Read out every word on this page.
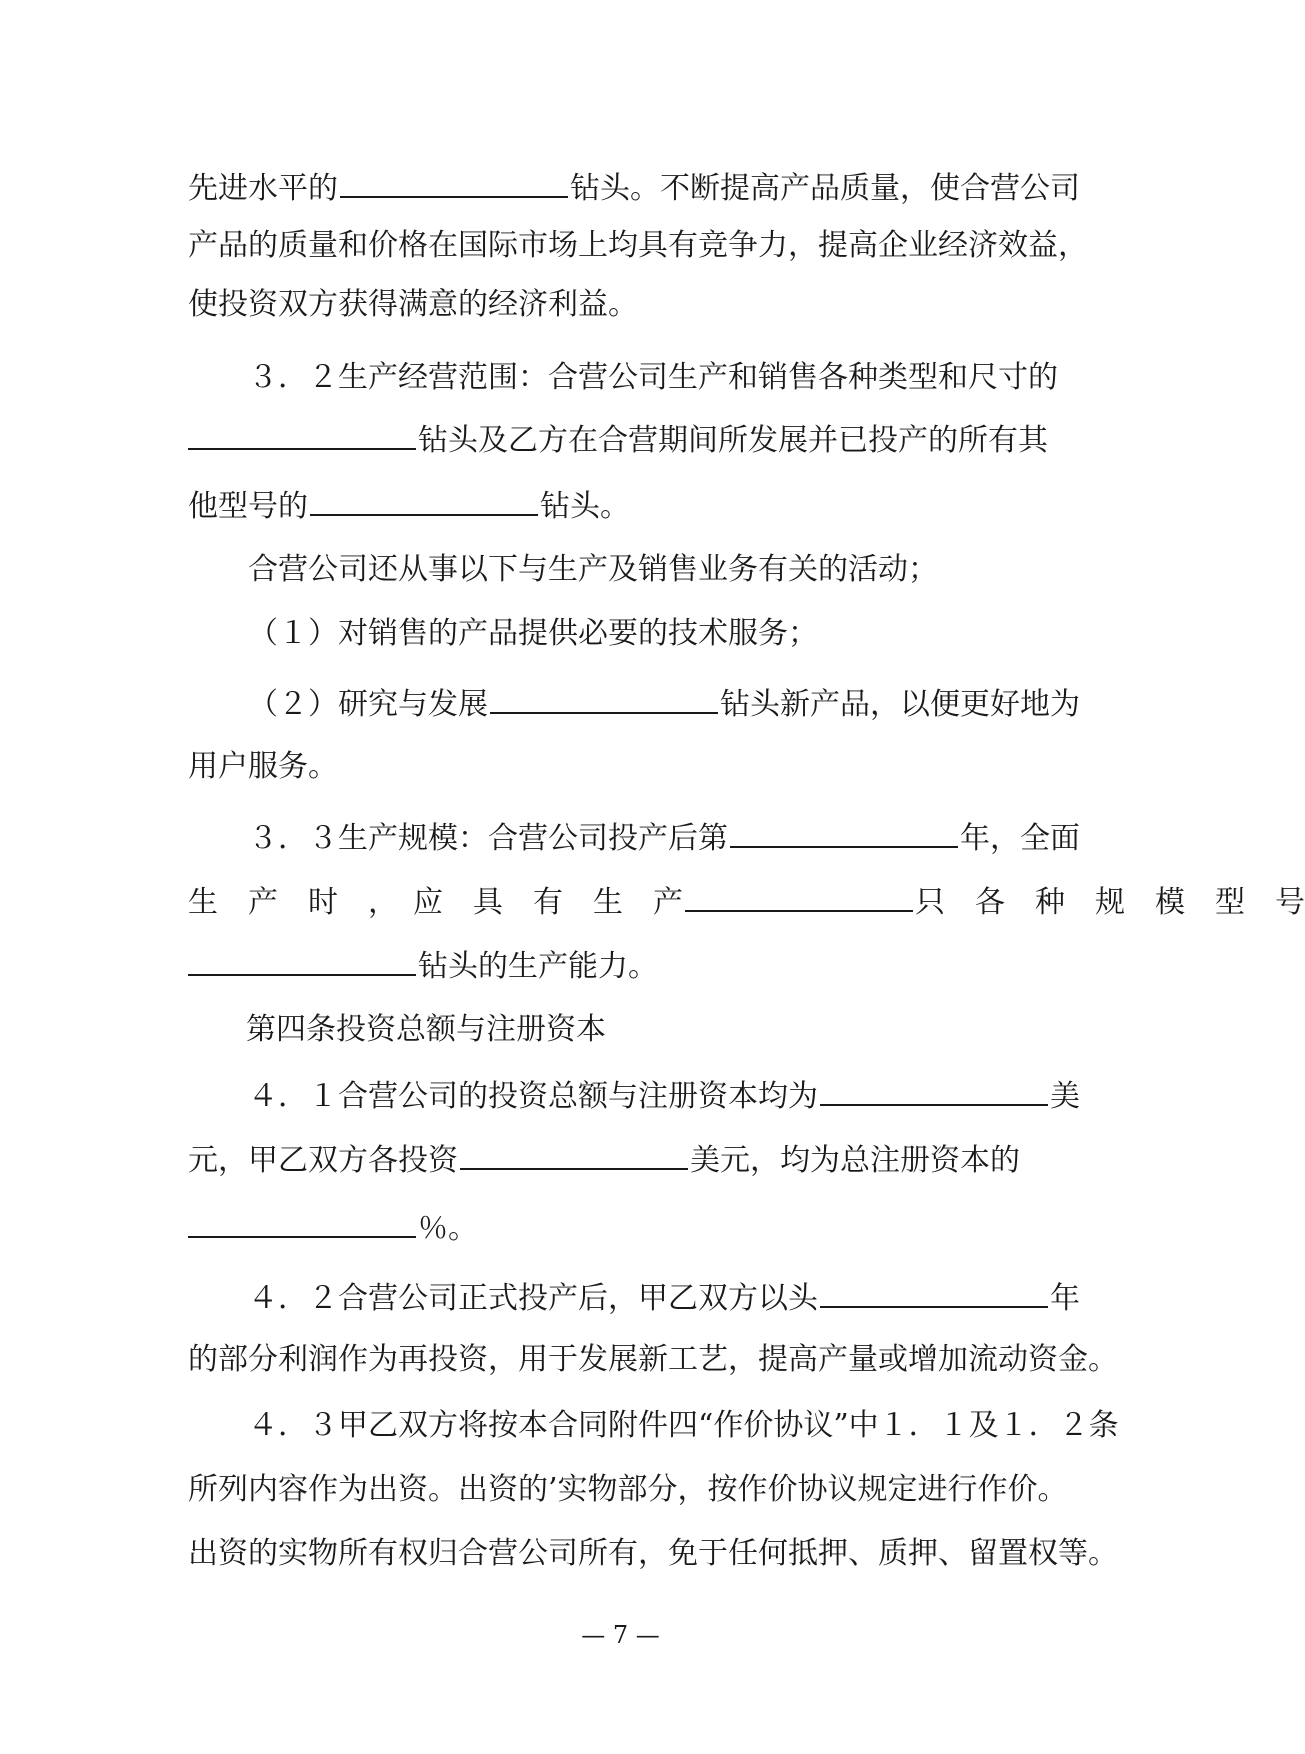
先进水平的	钻头。不断提高产品质量，使合营公司
产品的质量和价格在国际市场上均具有竞争力，提高企业经济效益，
使投资双方获得满意的经济利益。
３．２生产经营范围：合营公司生产和销售各种类型和尺寸的
钻头及乙方在合营期间所发展并已投产的所有其
他型号的	钻头。
合营公司还从事以下与生产及销售业务有关的活动；
（１）对销售的产品提供必要的技术服务；
（２）研究与发展	钻头新产品，以便更好地为
用户服务。
３．３生产规模：合营公司投产后第	年，全面
生　产　时　，　应　具　有　生　产	只　各　种　规　模　型　号
钻头的生产能力。
第四条投资总额与注册资本
４．１合营公司的投资总额与注册资本均为	美
元，甲乙双方各投资	美元，均为总注册资本的
％。
４．２合营公司正式投产后，甲乙双方以头	年
的部分利润作为再投资，用于发展新工艺，提高产量或增加流动资金。
４．３甲乙双方将按本合同附件四“作价协议”中１．１及１．２条
所列内容作为出资。出资的’实物部分，按作价协议规定进行作价。
出资的实物所有权归合营公司所有，免于任何抵押、质押、留置权等。
— 7 —
